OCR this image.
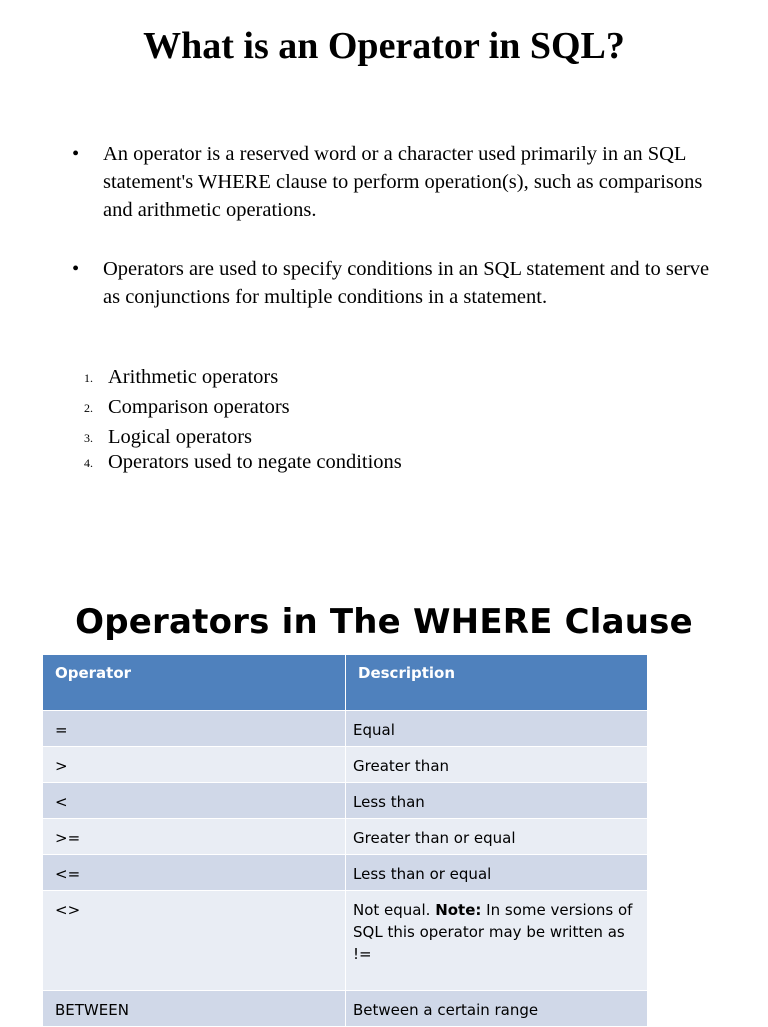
What is an Operator in SQL?
• An operator is a reserved word or a character used primarily in an SQL statement's WHERE clause to perform operation(s), such as comparisons and arithmetic operations.
• Operators are used to specify conditions in an SQL statement and to serve as conjunctions for multiple conditions in a statement.
1. Arithmetic operators
2. Comparison operators
3. Logical operators
4. Operators used to negate conditions
Operators in The WHERE Clause
Operator	Description
=	Equal
>	Greater than
<	Less than
>=	Greater than or equal
<=	Less than or equal
<>	Not equal. Note: In some versions of SQL this operator may be written as !=
BETWEEN	Between a certain range
